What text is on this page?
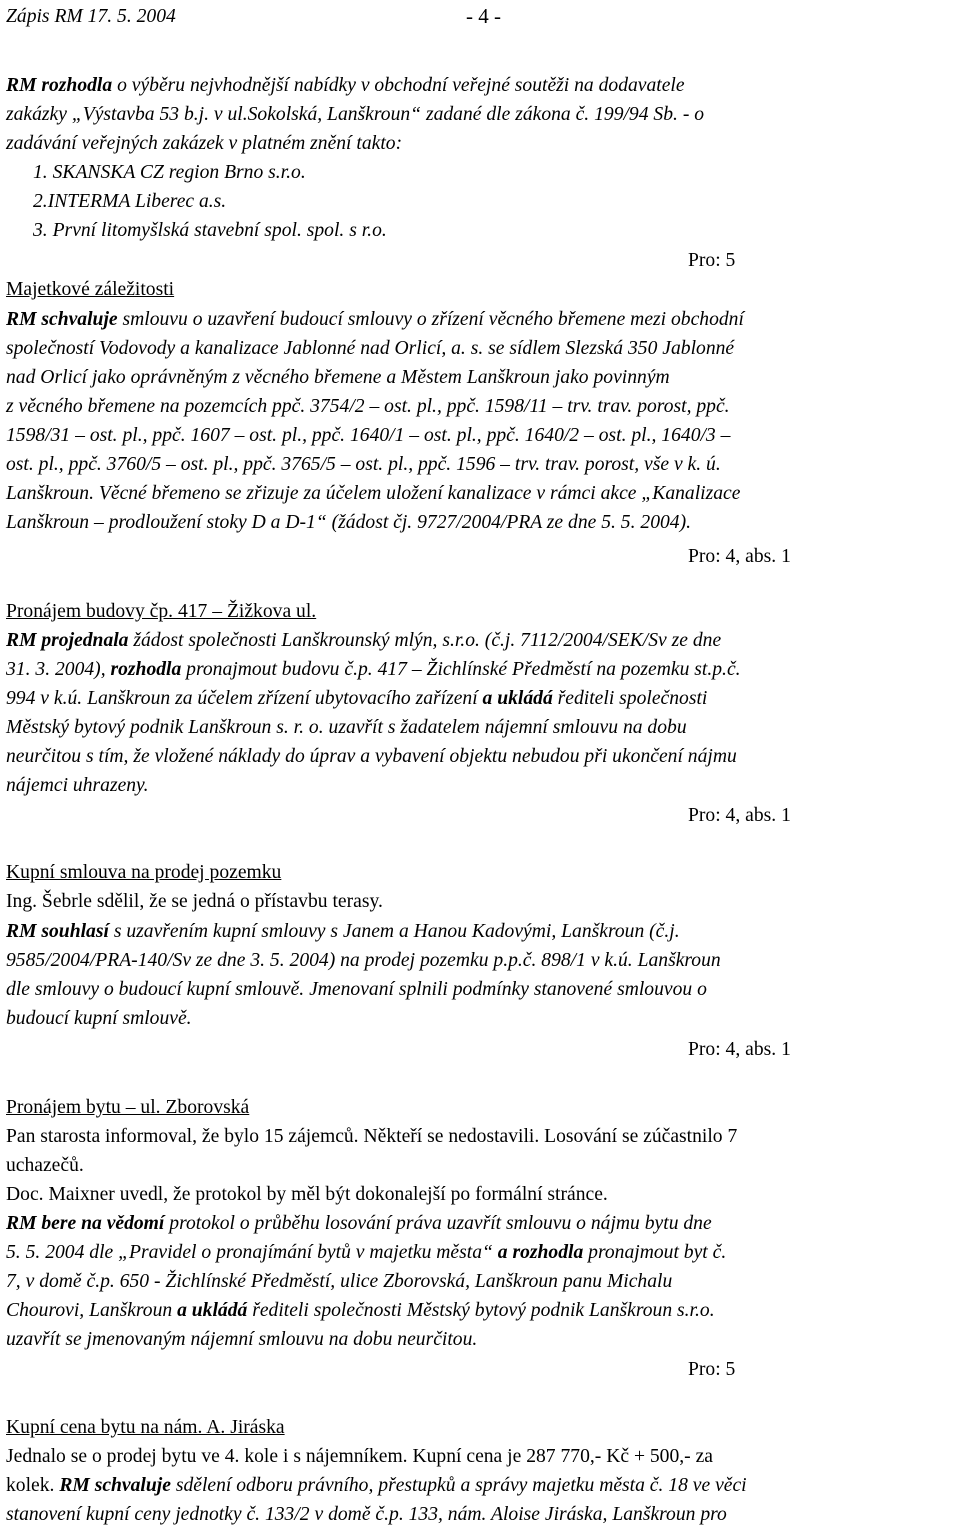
Zápis RM 17. 5. 2004	- 4 -
RM rozhodla o výběru nejvhodnější nabídky v obchodní veřejné soutěži na dodavatele
zakázky „Výstavba 53 b.j. v ul.Sokolská, Lanškroun“ zadané dle zákona č. 199/94 Sb. - o
zadávání veřejných zakázek v platném znění takto:
1. SKANSKA CZ region Brno s.r.o.
2.INTERMA Liberec a.s.
3. První litomyšlská stavební spol. spol. s r.o.
Pro: 5
Majetkové záležitosti
RM schvaluje smlouvu o uzavření budoucí smlouvy o zřízení věcného břemene mezi obchodní
společností Vodovody a kanalizace Jablonné nad Orlicí, a. s. se sídlem Slezská 350 Jablonné
nad Orlicí jako oprávněným z věcného břemene a Městem Lanškroun jako povinným
z věcného břemene na pozemcích ppč. 3754/2 – ost. pl., ppč. 1598/11 – trv. trav. porost, ppč.
1598/31 – ost. pl., ppč. 1607 – ost. pl., ppč. 1640/1 – ost. pl., ppč. 1640/2 – ost. pl., 1640/3 –
ost. pl., ppč. 3760/5 – ost. pl., ppč. 3765/5 – ost. pl., ppč. 1596 – trv. trav. porost, vše v k. ú.
Lanškroun. Věcné břemeno se zřizuje za účelem uložení kanalizace v rámci akce „Kanalizace
Lanškroun – prodloužení stoky D a D-1“ (žádost čj. 9727/2004/PRA ze dne 5. 5. 2004).
Pro: 4, abs. 1
Pronájem budovy čp. 417 – Žižkova ul.
RM projednala žádost společnosti Lanškrounský mlýn, s.r.o. (č.j. 7112/2004/SEK/Sv ze dne
31. 3. 2004), rozhodla pronajmout budovu č.p. 417 – Žichlínské Předměstí na pozemku st.p.č.
994 v k.ú. Lanškroun za účelem zřízení ubytovacího zařízení a ukládá řediteli společnosti
Městský bytový podnik Lanškroun s. r. o. uzavřít s žadatelem nájemní smlouvu na dobu
neurčitou s tím, že vložené náklady do úprav a vybavení objektu nebudou při ukončení nájmu
nájemci uhrazeny.
Pro: 4, abs. 1
Kupní smlouva na prodej pozemku
Ing. Šebrle sdělil, že se jedná o přístavbu terasy.
RM souhlasí s uzavřením kupní smlouvy s Janem a Hanou Kadovými, Lanškroun (č.j.
9585/2004/PRA-140/Sv ze dne 3. 5. 2004) na prodej pozemku p.p.č. 898/1 v k.ú. Lanškroun
dle smlouvy o budoucí kupní smlouvě. Jmenovaní splnili podmínky stanovené smlouvou o
budoucí kupní smlouvě.
Pro: 4, abs. 1
Pronájem bytu – ul. Zborovská
Pan starosta informoval, že bylo 15 zájemců. Někteří se nedostavili. Losování se zúčastnilo 7
uchazečů.
Doc. Maixner uvedl, že protokol by měl být dokonalejší po formální stránce.
RM bere na vědomí protokol o průběhu losování práva uzavřít smlouvu o nájmu bytu dne
5. 5. 2004 dle „Pravidel o pronajímání bytů v majetku města“ a rozhodla pronajmout byt č.
7, v domě č.p. 650 - Žichlínské Předměstí, ulice Zborovská, Lanškroun panu Michalu
Chourovi, Lanškroun a ukládá řediteli společnosti Městský bytový podnik Lanškroun s.r.o.
uzavřít se jmenovaným nájemní smlouvu na dobu neurčitou.
Pro: 5
Kupní cena bytu na nám. A. Jiráska
Jednalo se o prodej bytu ve 4. kole i s nájemníkem. Kupní cena je 287 770,- Kč + 500,- za
kolek. RM schvaluje sdělení odboru právního, přestupků a správy majetku města č. 18 ve věci
stanovení kupní ceny jednotky č. 133/2 v domě č.p. 133, nám. Aloise Jiráska, Lanškroun pro
